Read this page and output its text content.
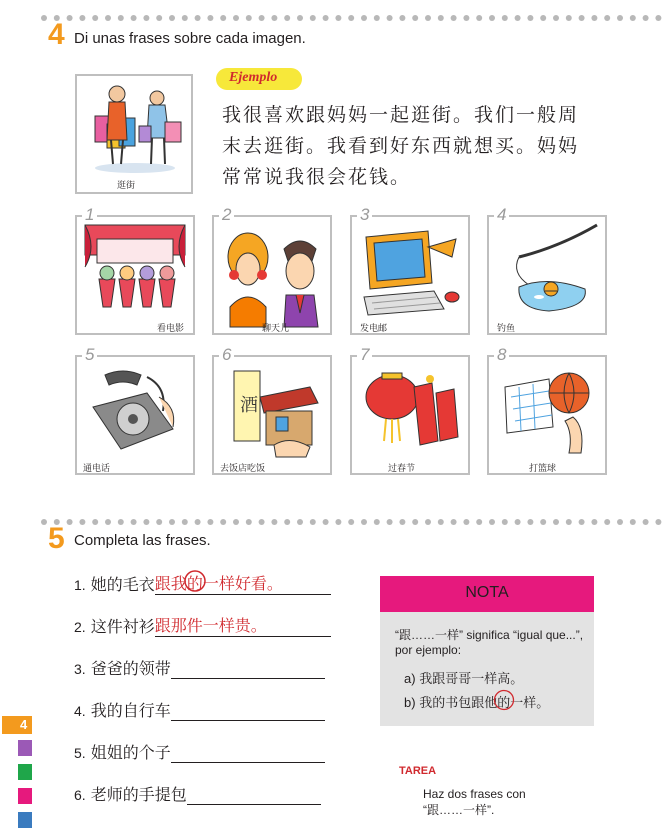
4 Di unas frases sobre cada imagen.
逛街
Ejemplo
我很喜欢跟妈妈一起逛街。我们一般周末去逛街。我看到好东西就想买。妈妈常常说我很会花钱。
看电影
1
聊天儿
2
发电邮
3
钓鱼
4
通电话
5
酒
去饭店吃饭
6
过春节
7
打篮球
8
5 Completa las frases.
1. 她的毛衣 跟我的
一样好看。
2. 这件衬衫 跟那件一样贵。
3. 爸爸的领带
4. 我的自行车
5. 姐姐的个子
6. 老师的手提包
NOTA
“跟……一样” significa “igual que...”, por ejemplo:
a) 我跟哥哥一样高。
b) 我的书包跟他的
一样。
TAREA
Haz dos frases con “跟……一样”.
4
